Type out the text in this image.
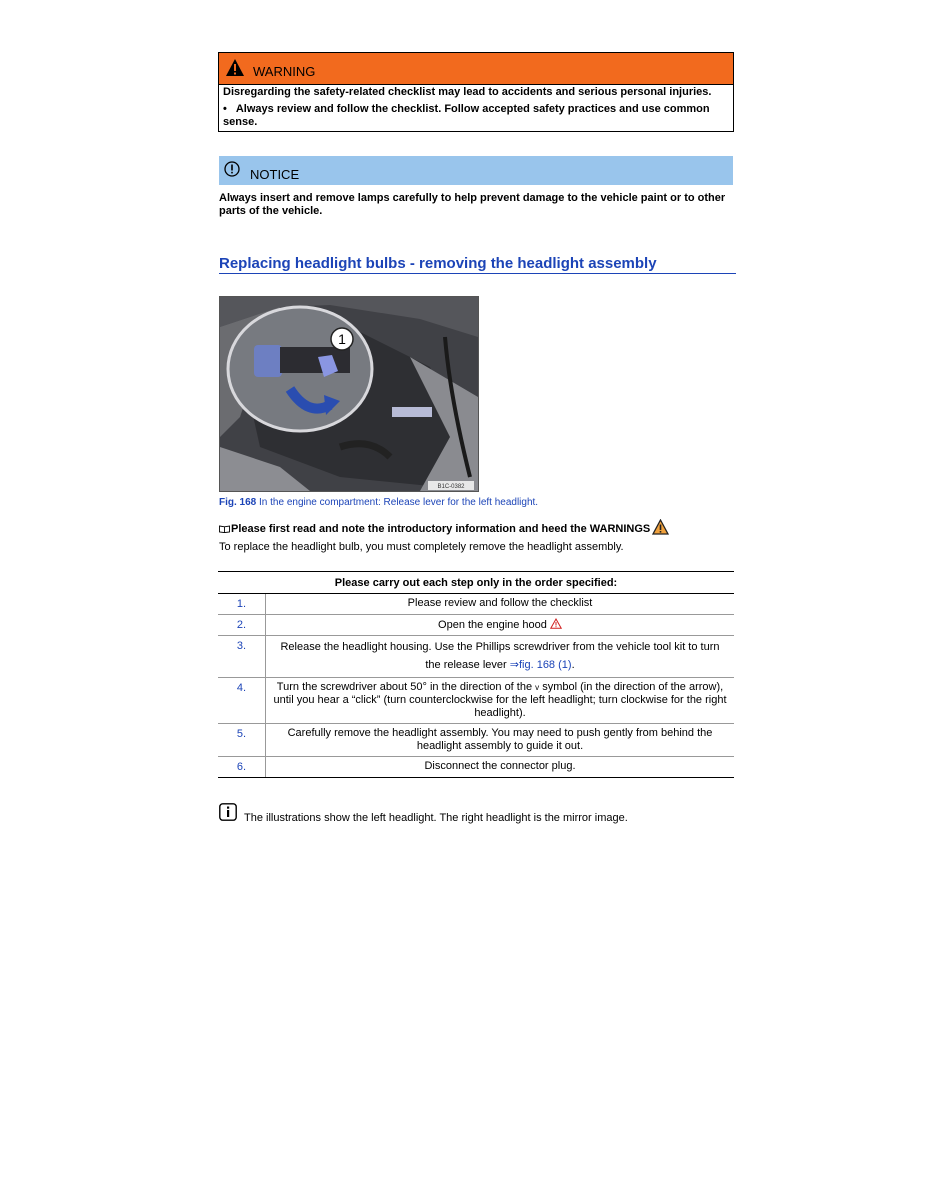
WARNING
Disregarding the safety-related checklist may lead to accidents and serious personal injuries.
• Always review and follow the checklist. Follow accepted safety practices and use common sense.
NOTICE
Always insert and remove lamps carefully to help prevent damage to the vehicle paint or to other parts of the vehicle.
Replacing headlight bulbs - removing the headlight assembly
1
B1C-0382
Fig. 168 In the engine compartment: Release lever for the left headlight.
Please first read and note the introductory information and heed the WARNINGS
To replace the headlight bulb, you must completely remove the headlight assembly.
Please carry out each step only in the order specified:	
1.	Please review and follow the checklist
2.	Open the engine hood
3.	Release the headlight housing. Use the Phillips screwdriver from the vehicle tool kit to turn the release lever ⇒fig. 168 (1).
4.	Turn the screwdriver about 50° in the direction of the v symbol (in the direction of the arrow), until you hear a “click” (turn counterclockwise for the left headlight; turn clockwise for the right headlight).
5.	Carefully remove the headlight assembly. You may need to push gently from behind the headlight assembly to guide it out.
6.	Disconnect the connector plug.
The illustrations show the left headlight. The right headlight is the mirror image.
